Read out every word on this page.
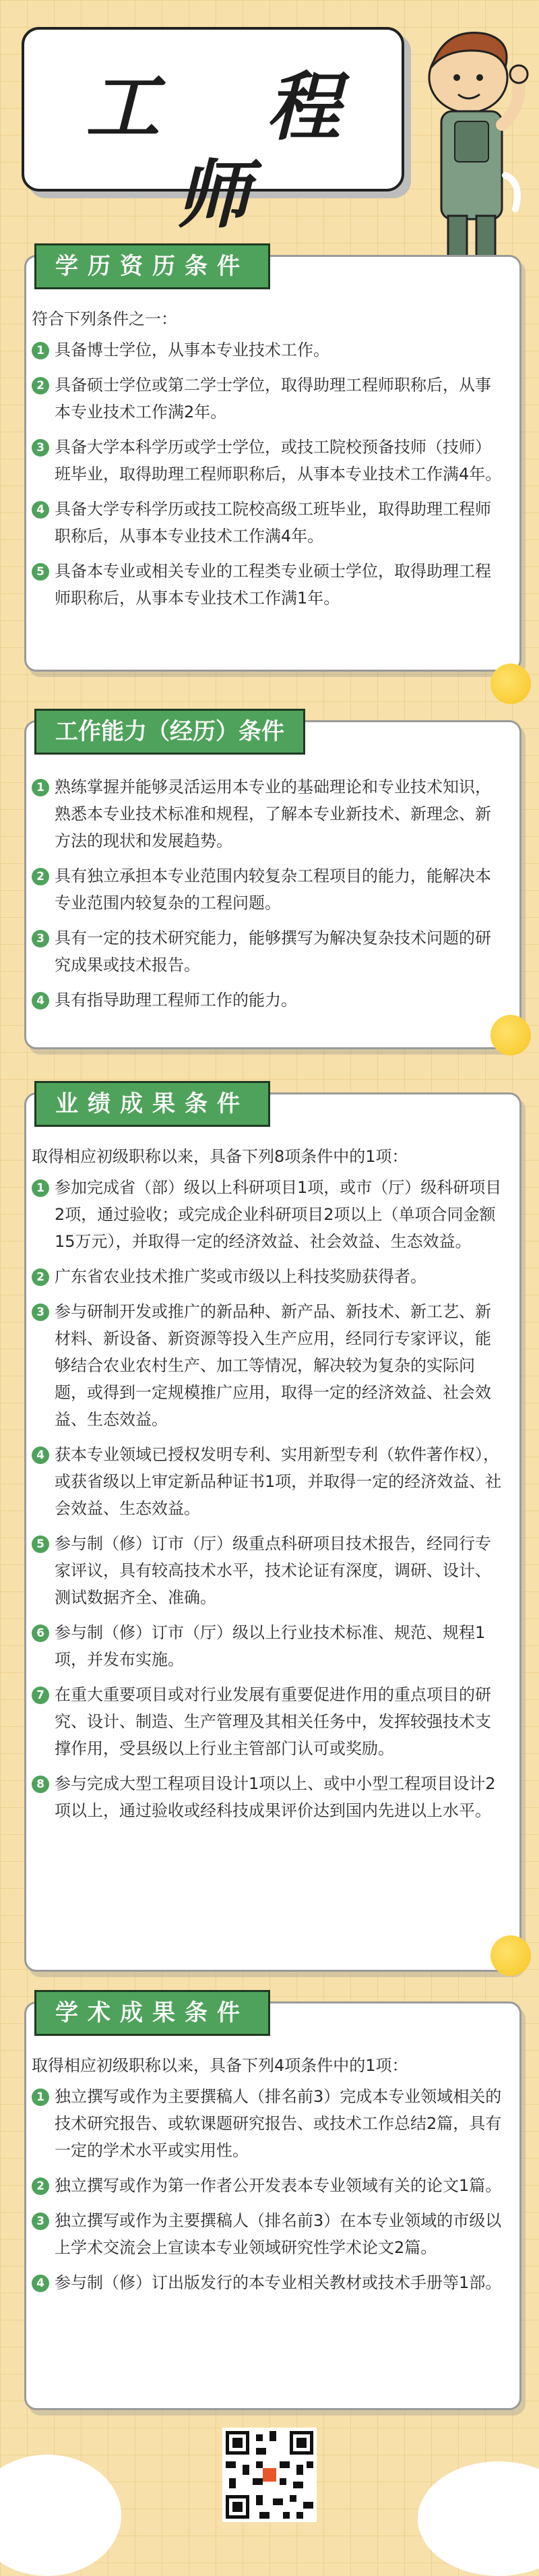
工 程 师
学历资历条件
符合下列条件之一：
1 具备博士学位，从事本专业技术工作。
2 具备硕士学位或第二学士学位，取得助理工程师职称后，从事本专业技术工作满2年。
3 具备大学本科学历或学士学位，或技工院校预备技师（技师）班毕业，取得助理工程师职称后，从事本专业技术工作满4年。
4 具备大学专科学历或技工院校高级工班毕业，取得助理工程师职称后，从事本专业技术工作满4年。
5 具备本专业或相关专业的工程类专业硕士学位，取得助理工程师职称后，从事本专业技术工作满1年。
工作能力（经历）条件
1 熟练掌握并能够灵活运用本专业的基础理论和专业技术知识，熟悉本专业技术标准和规程，了解本专业新技术、新理念、新方法的现状和发展趋势。
2 具有独立承担本专业范围内较复杂工程项目的能力，能解决本专业范围内较复杂的工程问题。
3 具有一定的技术研究能力，能够撰写为解决复杂技术问题的研究成果或技术报告。
4 具有指导助理工程师工作的能力。
业绩成果条件
取得相应初级职称以来，具备下列8项条件中的1项：
1 参加完成省（部）级以上科研项目1项，或市（厅）级科研项目2项，通过验收；或完成企业科研项目2项以上（单项合同金额15万元），并取得一定的经济效益、社会效益、生态效益。
2 广东省农业技术推广奖或市级以上科技奖励获得者。
3 参与研制开发或推广的新品种、新产品、新技术、新工艺、新材料、新设备、新资源等投入生产应用，经同行专家评议，能够结合农业农村生产、加工等情况，解决较为复杂的实际问题，或得到一定规模推广应用，取得一定的经济效益、社会效益、生态效益。
4 获本专业领域已授权发明专利、实用新型专利（软件著作权），或获省级以上审定新品种证书1项，并取得一定的经济效益、社会效益、生态效益。
5 参与制（修）订市（厅）级重点科研项目技术报告，经同行专家评议，具有较高技术水平，技术论证有深度，调研、设计、测试数据齐全、准确。
6 参与制（修）订市（厅）级以上行业技术标准、规范、规程1项，并发布实施。
7 在重大重要项目或对行业发展有重要促进作用的重点项目的研究、设计、制造、生产管理及其相关任务中，发挥较强技术支撑作用，受县级以上行业主管部门认可或奖励。
8 参与完成大型工程项目设计1项以上、或中小型工程项目设计2项以上，通过验收或经科技成果评价达到国内先进以上水平。
学术成果条件
取得相应初级职称以来，具备下列4项条件中的1项：
1 独立撰写或作为主要撰稿人（排名前3）完成本专业领域相关的技术研究报告、或软课题研究报告、或技术工作总结2篇，具有一定的学术水平或实用性。
2 独立撰写或作为第一作者公开发表本专业领域有关的论文1篇。
3 独立撰写或作为主要撰稿人（排名前3）在本专业领域的市级以上学术交流会上宣读本专业领域研究性学术论文2篇。
4 参与制（修）订出版发行的本专业相关教材或技术手册等1部。
